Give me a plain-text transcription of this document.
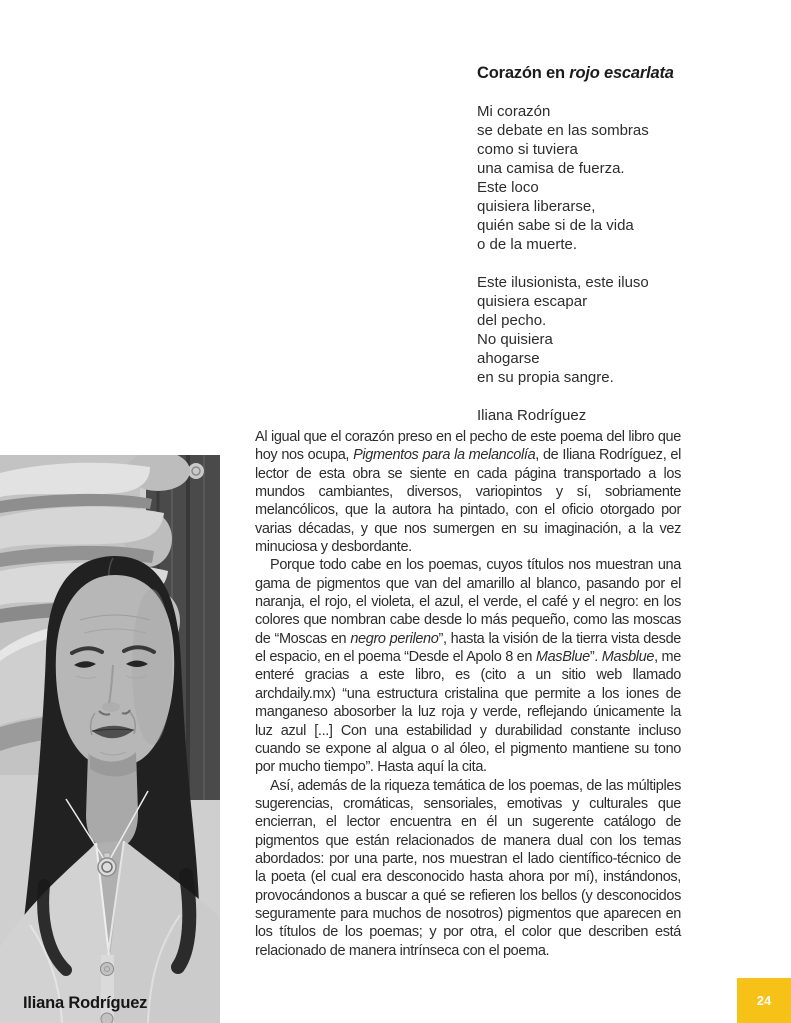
Corazón en rojo escarlata
Mi corazón
se debate en las sombras
como si tuviera
una camisa de fuerza.
Este loco
quisiera liberarse,
quién sabe si de la vida
o de la muerte.
Este ilusionista, este iluso
quisiera escapar
del pecho.
No quisiera
ahogarse
en su propia sangre.
Iliana Rodríguez

Al igual que el corazón preso en el pecho de este poema del libro que hoy nos ocupa, Pigmentos para la melancolía, de Iliana Rodríguez, el lector de esta obra se siente en cada página transportado a los mundos cambiantes, diversos, variopintos y sí, sobriamente melancólicos, que la autora ha pintado, con el oficio otorgado por varias décadas, y que nos sumergen en su imaginación, a la vez minuciosa y desbordante.

Porque todo cabe en los poemas, cuyos títulos nos muestran una gama de pigmentos que van del amarillo al blanco, pasando por el naranja, el rojo, el violeta, el azul, el verde, el café y el negro: en los colores que nombran cabe desde lo más pequeño, como las moscas de “Moscas en negro perileno”, hasta la visión de la tierra vista desde el espacio, en el poema “Desde el Apolo 8 en MasBlue”. Masblue, me enteré gracias a este libro, es (cito a un sitio web llamado archdaily.mx) “una estructura cristalina que permite a los iones de manganeso abosorber la luz roja y verde, reflejando únicamente la luz azul [...] Con una estabilidad y durabilidad constante incluso cuando se expone al algua o al óleo, el pigmento mantiene su tono por mucho tiempo”. Hasta aquí la cita.

Así, además de la riqueza temática de los poemas, de las múltiples sugerencias, cromáticas, sensoriales, emotivas y culturales que encierran, el lector encuentra en él un sugerente catálogo de pigmentos que están relacionados de manera dual con los temas abordados: por una parte, nos muestran el lado científico-técnico de la poeta (el cual era desconocido hasta ahora por mí), instándonos, provocándonos a buscar a qué se refieren los bellos (y desconocidos seguramente para muchos de nosotros) pigmentos que aparecen en los títulos de los poemas; y por otra, el color que describen está relacionado de manera intrínseca con el poema.

Iliana Rodríguez	24
